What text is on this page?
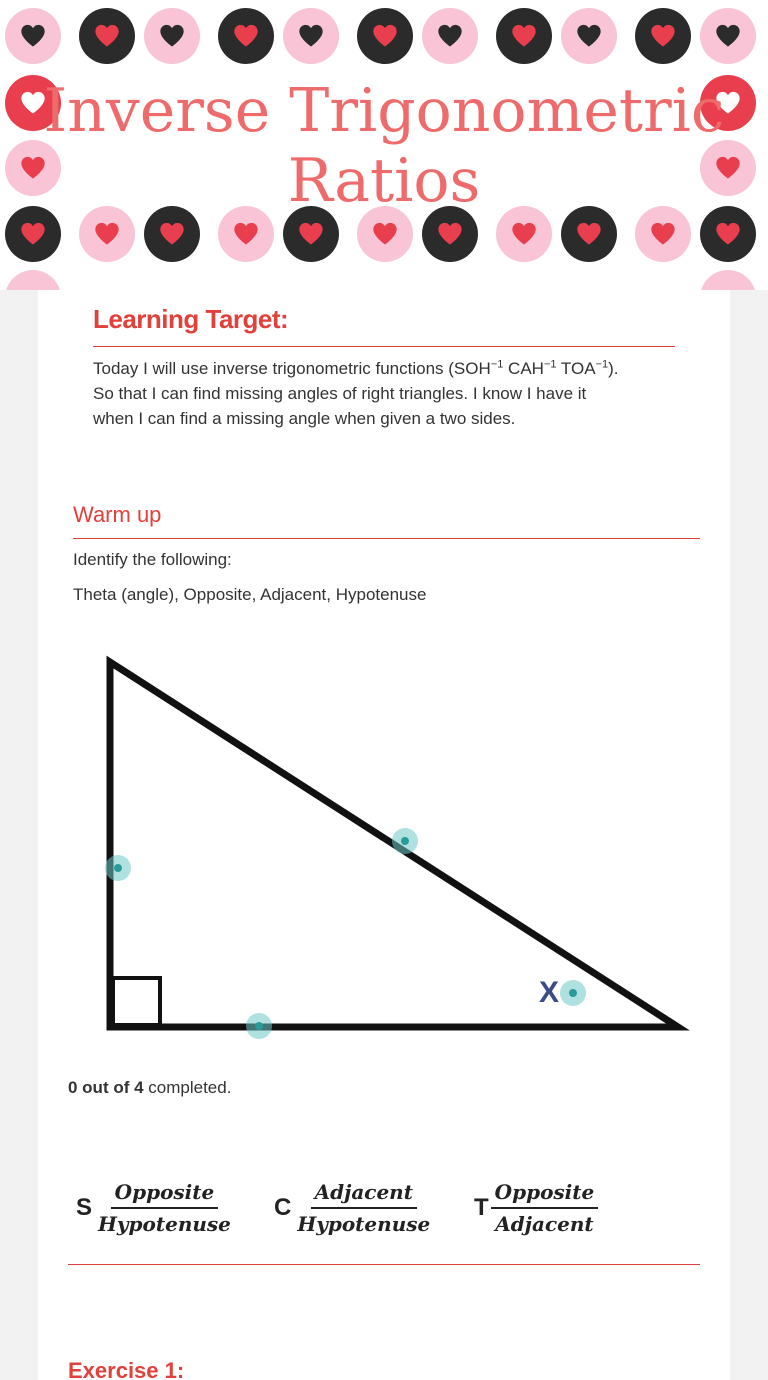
Inverse Trigonometric
Ratios
Learning Target:
Today I will use inverse trigonometric functions ($SOH^{-1}$ $CAH^{-1}$ $TOA^{-1}$).
So that I can find missing angles of right triangles. I know I have it
when I can find a missing angle when given a two sides.
Warm up
Identify the following:
Theta (angle), Opposite, Adjacent, Hypotenuse
X
0 out of 4 completed.
S $\frac{\text{Opposite}}{\text{Hypotenuse}}$ C $\frac{\text{Adjacent}}{\text{Hypotenuse}}$ T $\frac{\text{Opposite}}{\text{Adjacent}}$
Exercise 1:
